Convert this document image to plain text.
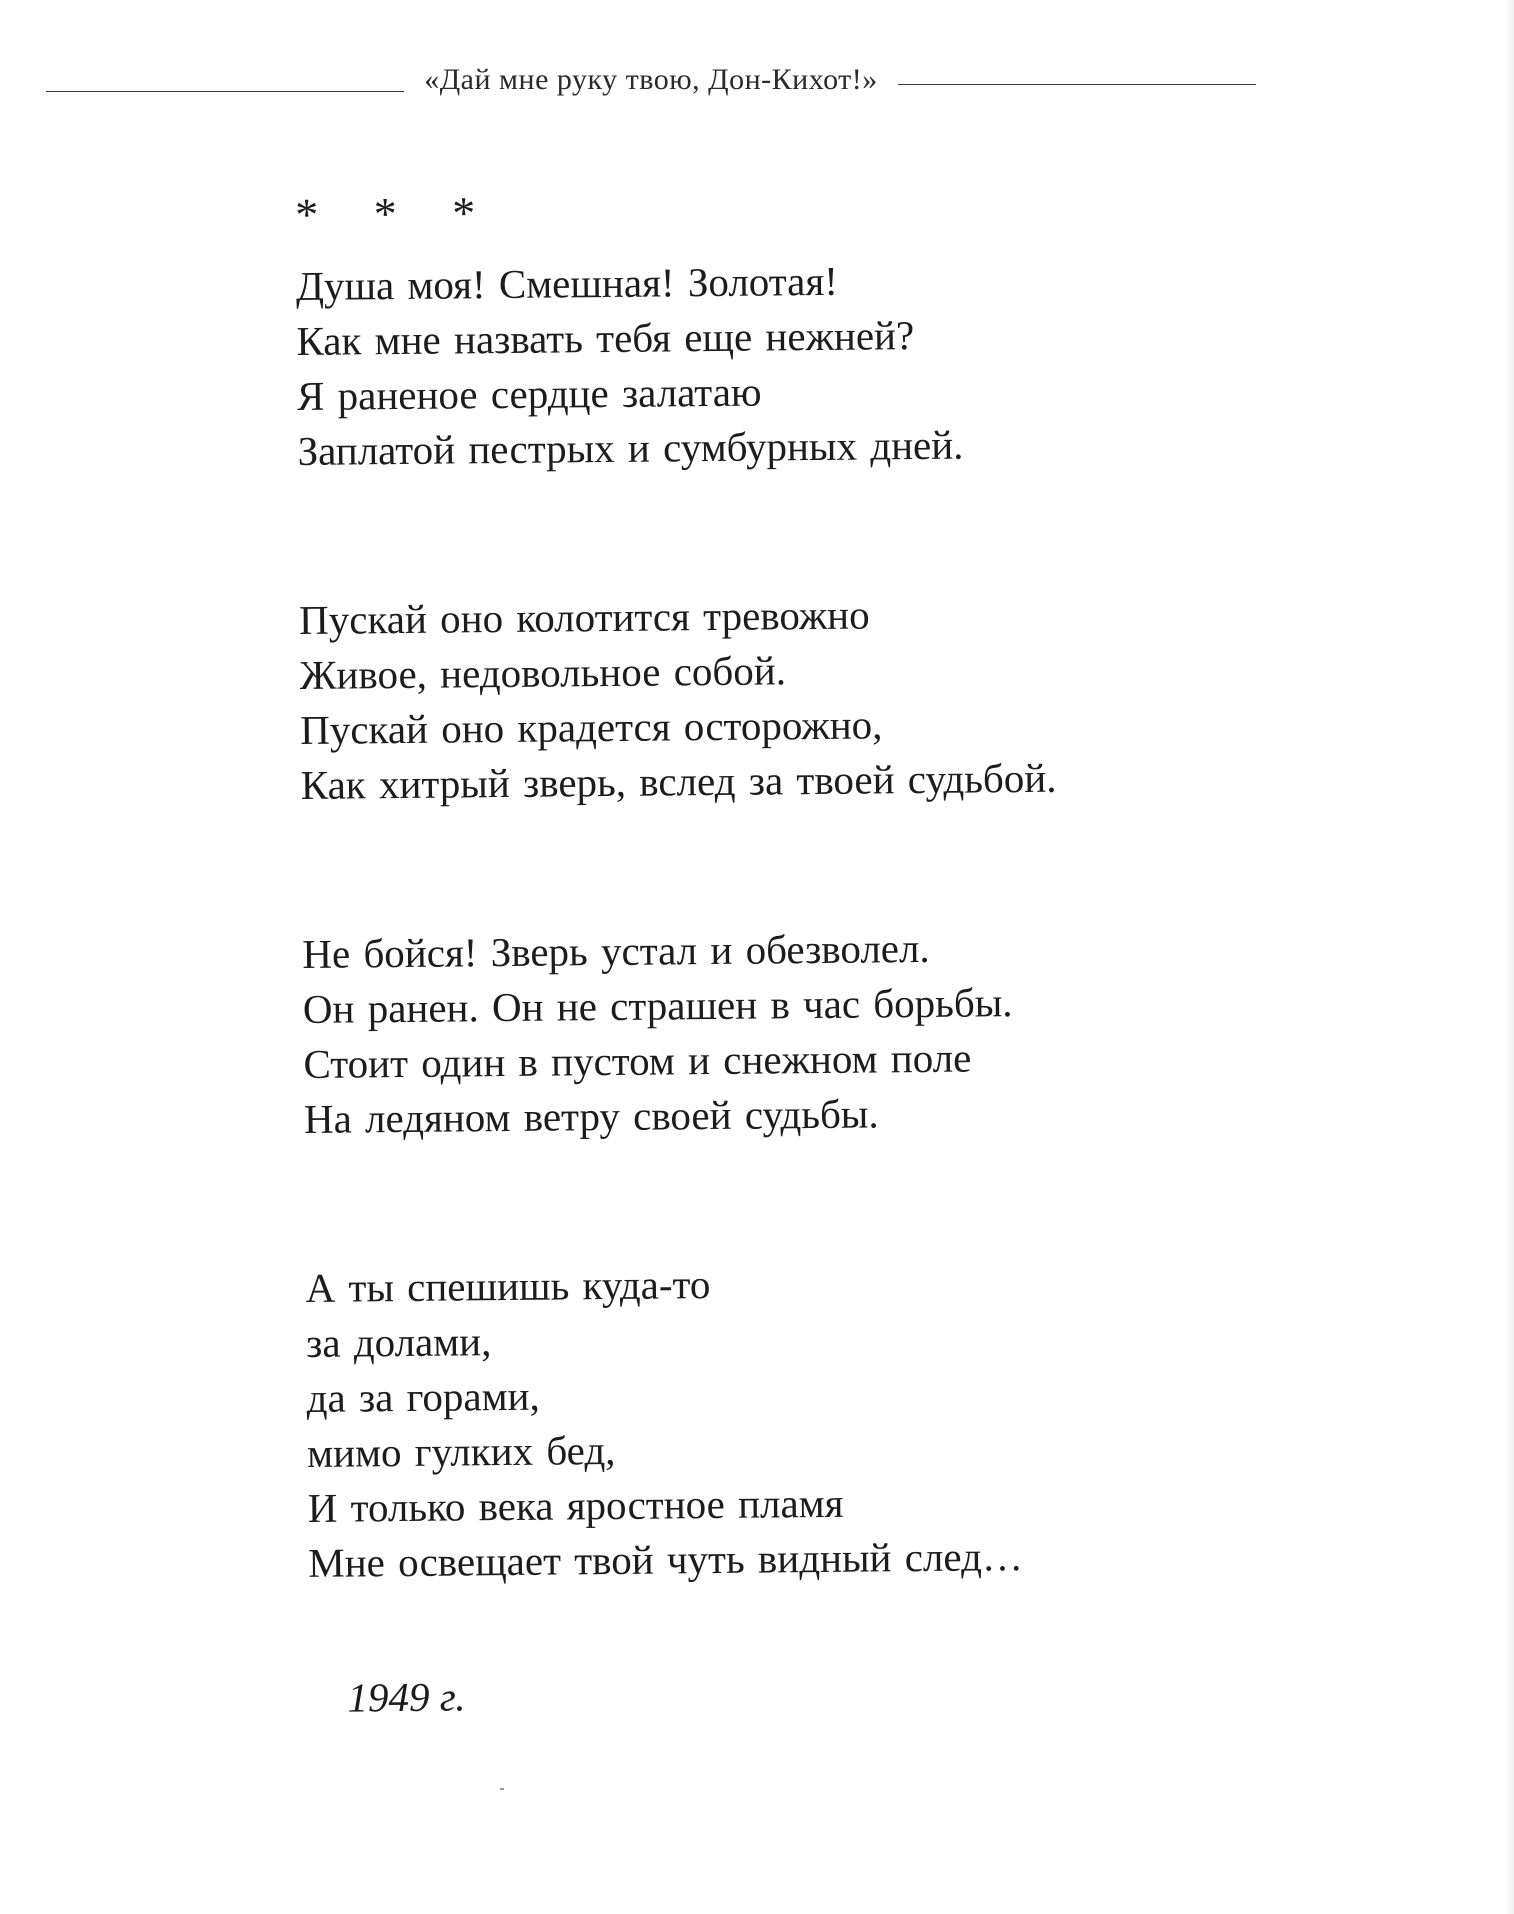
«Дай мне руку твою, Дон-Кихот!»
* * *
Душа моя! Смешная! Золотая!
Как мне назвать тебя еще нежней?
Я раненое сердце залатаю
Заплатой пестрых и сумбурных дней.
Пускай оно колотится тревожно
Живое, недовольное собой.
Пускай оно крадется осторожно,
Как хитрый зверь, вслед за твоей судьбой.
Не бойся! Зверь устал и обезволел.
Он ранен. Он не страшен в час борьбы.
Стоит один в пустом и снежном поле
На ледяном ветру своей судьбы.
А ты спешишь куда-то
за долами,
да за горами,
мимо гулких бед,
И только века яростное пламя
Мне освещает твой чуть видный след…
1949 г.
